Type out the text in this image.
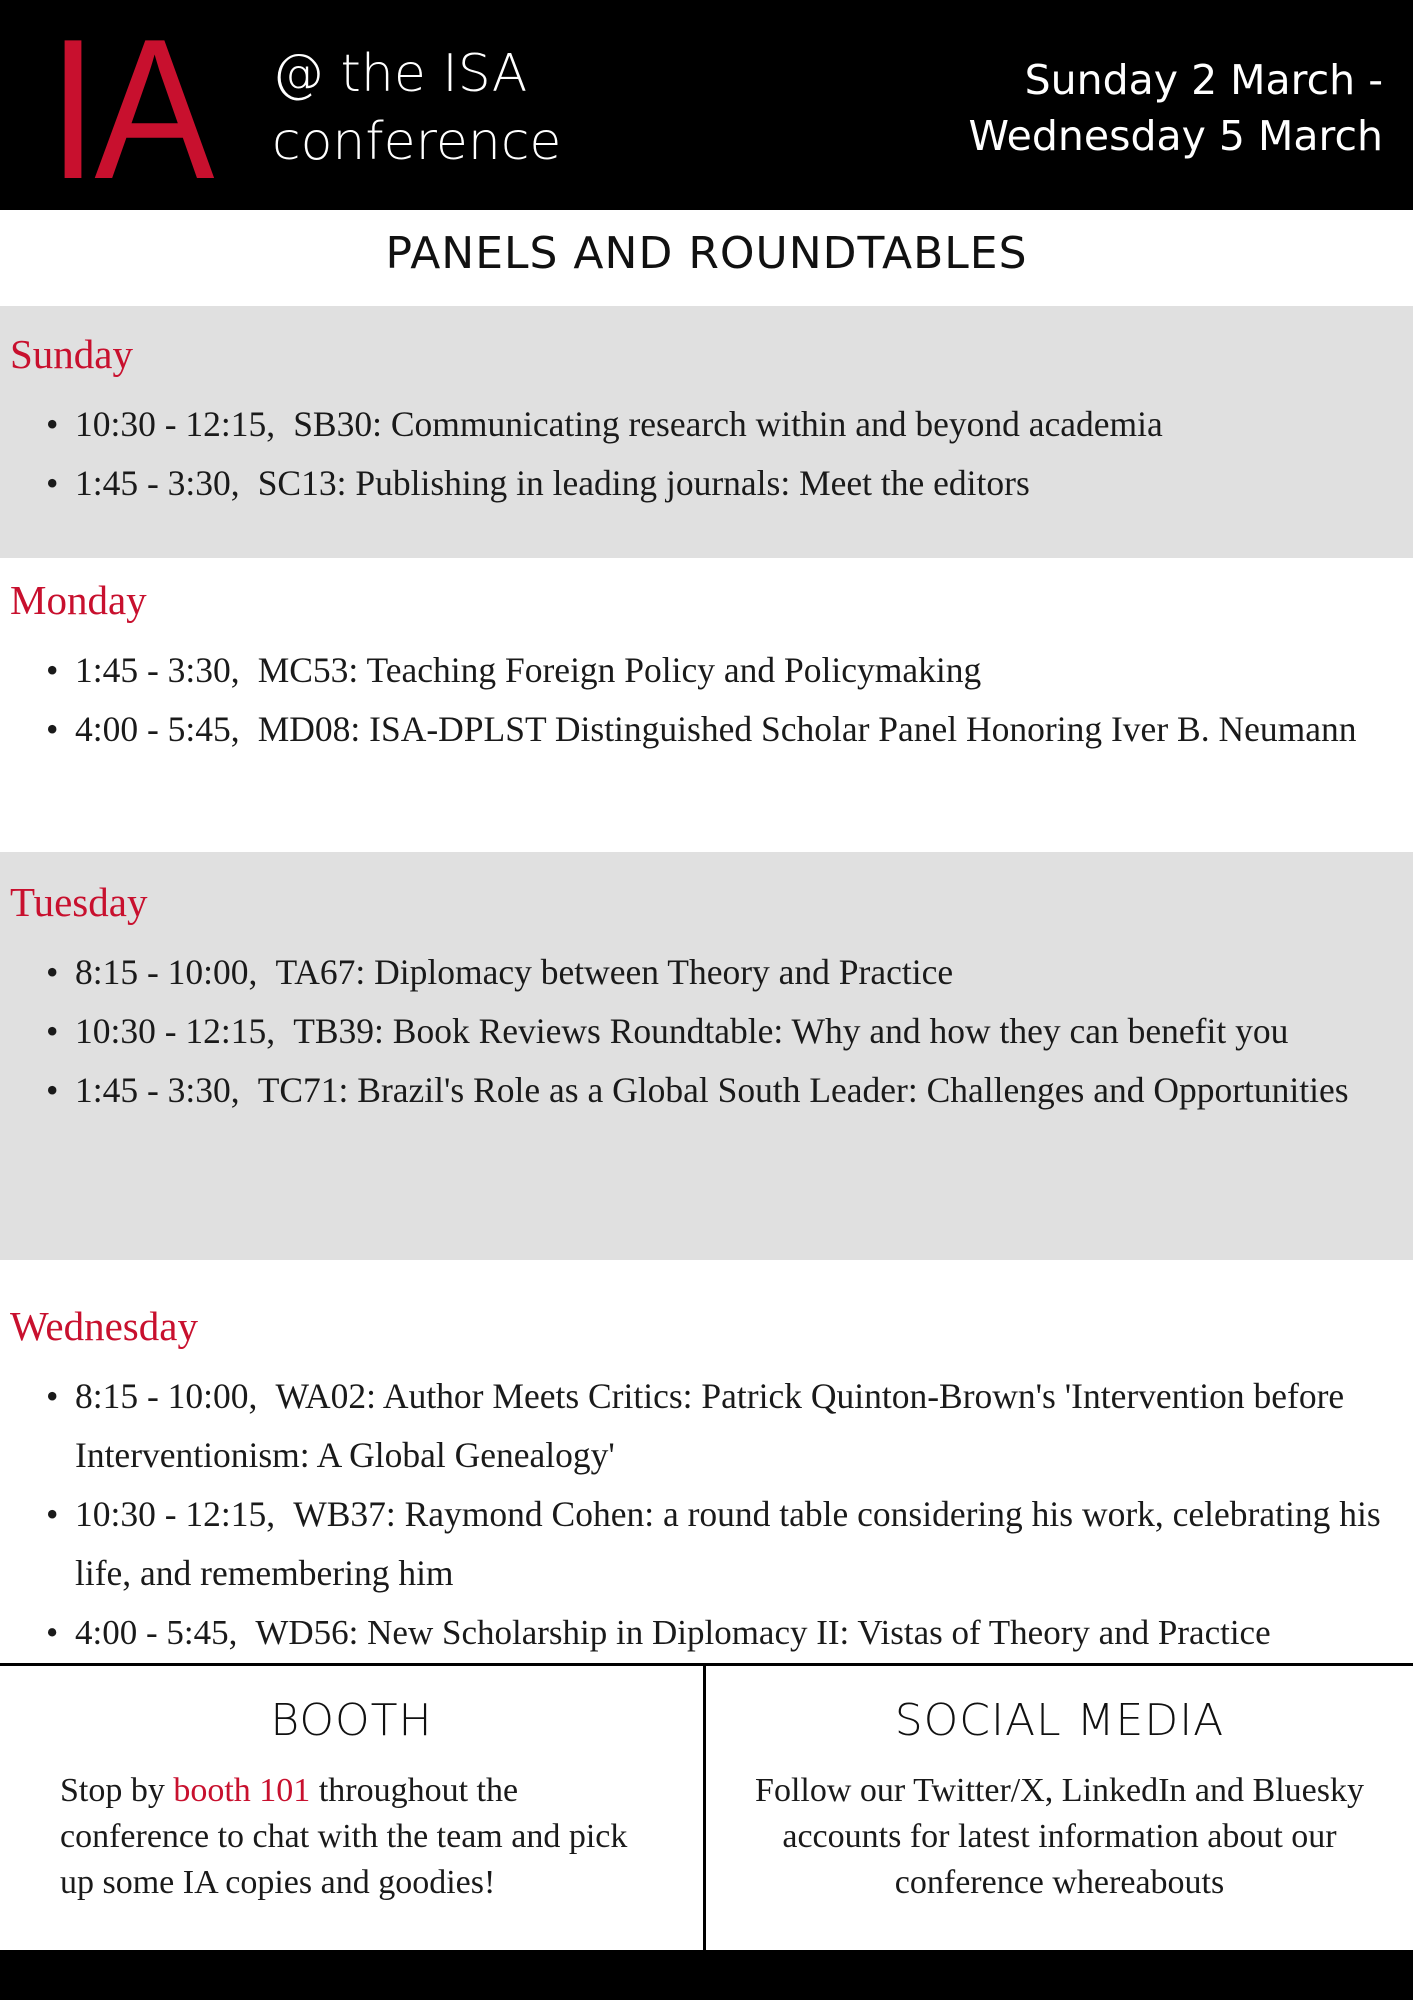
IA @ the ISA
conference
Sunday 2 March -
Wednesday 5 March
PANELS AND ROUNDTABLES
Sunday
• 10:30 - 12:15, SB30: Communicating research within and beyond academia
• 1:45 - 3:30, SC13: Publishing in leading journals: Meet the editors
Monday
• 1:45 - 3:30, MC53: Teaching Foreign Policy and Policymaking
• 4:00 - 5:45, MD08: ISA-DPLST Distinguished Scholar Panel Honoring Iver B. Neumann
Tuesday
• 8:15 - 10:00, TA67: Diplomacy between Theory and Practice
• 10:30 - 12:15, TB39: Book Reviews Roundtable: Why and how they can benefit you
• 1:45 - 3:30, TC71: Brazil's Role as a Global South Leader: Challenges and Opportunities
Wednesday
• 8:15 - 10:00, WA02: Author Meets Critics: Patrick Quinton-Brown's 'Intervention before Interventionism: A Global Genealogy'
• 10:30 - 12:15, WB37: Raymond Cohen: a round table considering his work, celebrating his life, and remembering him
• 4:00 - 5:45, WD56: New Scholarship in Diplomacy II: Vistas of Theory and Practice
BOOTH
Stop by booth 101 throughout the conference to chat with the team and pick up some IA copies and goodies!
SOCIAL MEDIA
Follow our Twitter/X, LinkedIn and Bluesky accounts for latest information about our conference whereabouts
